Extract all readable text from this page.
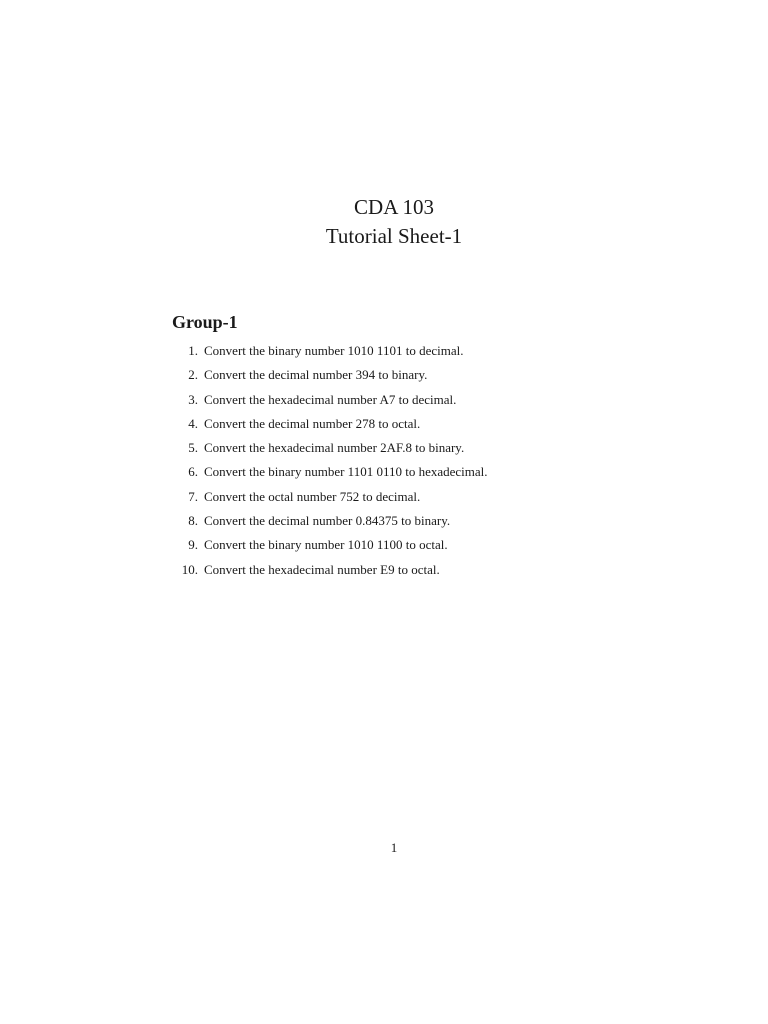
CDA 103
Tutorial Sheet-1
Group-1
1. Convert the binary number 1010 1101 to decimal.
2. Convert the decimal number 394 to binary.
3. Convert the hexadecimal number A7 to decimal.
4. Convert the decimal number 278 to octal.
5. Convert the hexadecimal number 2AF.8 to binary.
6. Convert the binary number 1101 0110 to hexadecimal.
7. Convert the octal number 752 to decimal.
8. Convert the decimal number 0.84375 to binary.
9. Convert the binary number 1010 1100 to octal.
10. Convert the hexadecimal number E9 to octal.
1
